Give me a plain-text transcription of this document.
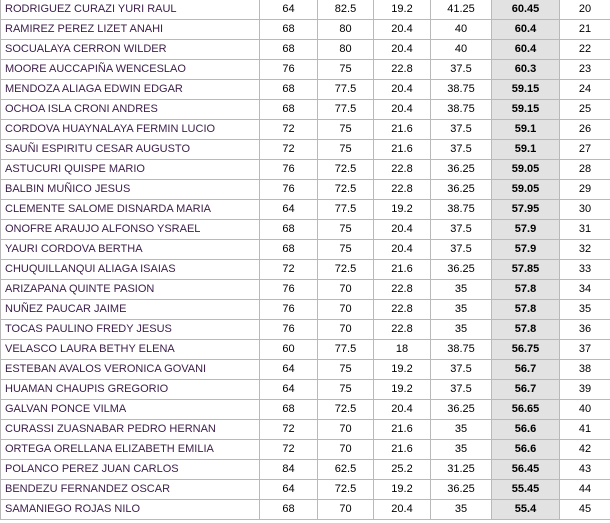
RODRIGUEZ CURAZI YURI RAUL	64	82.5	19.2	41.25	60.45	20
RAMIREZ PEREZ LIZET ANAHI	68	80	20.4	40	60.4	21
SOCUALAYA CERRON WILDER	68	80	20.4	40	60.4	22
MOORE AUCCAPIÑA WENCESLAO	76	75	22.8	37.5	60.3	23
MENDOZA ALIAGA EDWIN EDGAR	68	77.5	20.4	38.75	59.15	24
OCHOA ISLA CRONI ANDRES	68	77.5	20.4	38.75	59.15	25
CORDOVA HUAYNALAYA FERMIN LUCIO	72	75	21.6	37.5	59.1	26
SAUÑI ESPIRITU CESAR AUGUSTO	72	75	21.6	37.5	59.1	27
ASTUCURI QUISPE MARIO	76	72.5	22.8	36.25	59.05	28
BALBIN MUÑICO JESUS	76	72.5	22.8	36.25	59.05	29
CLEMENTE SALOME DISNARDA MARIA	64	77.5	19.2	38.75	57.95	30
ONOFRE ARAUJO ALFONSO YSRAEL	68	75	20.4	37.5	57.9	31
YAURI CORDOVA BERTHA	68	75	20.4	37.5	57.9	32
CHUQUILLANQUI ALIAGA ISAIAS	72	72.5	21.6	36.25	57.85	33
ARIZAPANA QUINTE PASION	76	70	22.8	35	57.8	34
NUÑEZ PAUCAR JAIME	76	70	22.8	35	57.8	35
TOCAS PAULINO FREDY JESUS	76	70	22.8	35	57.8	36
VELASCO LAURA BETHY ELENA	60	77.5	18	38.75	56.75	37
ESTEBAN AVALOS VERONICA GOVANI	64	75	19.2	37.5	56.7	38
HUAMAN CHAUPIS GREGORIO	64	75	19.2	37.5	56.7	39
GALVAN PONCE VILMA	68	72.5	20.4	36.25	56.65	40
CURASSI ZUASNABAR PEDRO HERNAN	72	70	21.6	35	56.6	41
ORTEGA ORELLANA ELIZABETH EMILIA	72	70	21.6	35	56.6	42
POLANCO PEREZ JUAN CARLOS	84	62.5	25.2	31.25	56.45	43
BENDEZU FERNANDEZ OSCAR	64	72.5	19.2	36.25	55.45	44
SAMANIEGO ROJAS NILO	68	70	20.4	35	55.4	45
